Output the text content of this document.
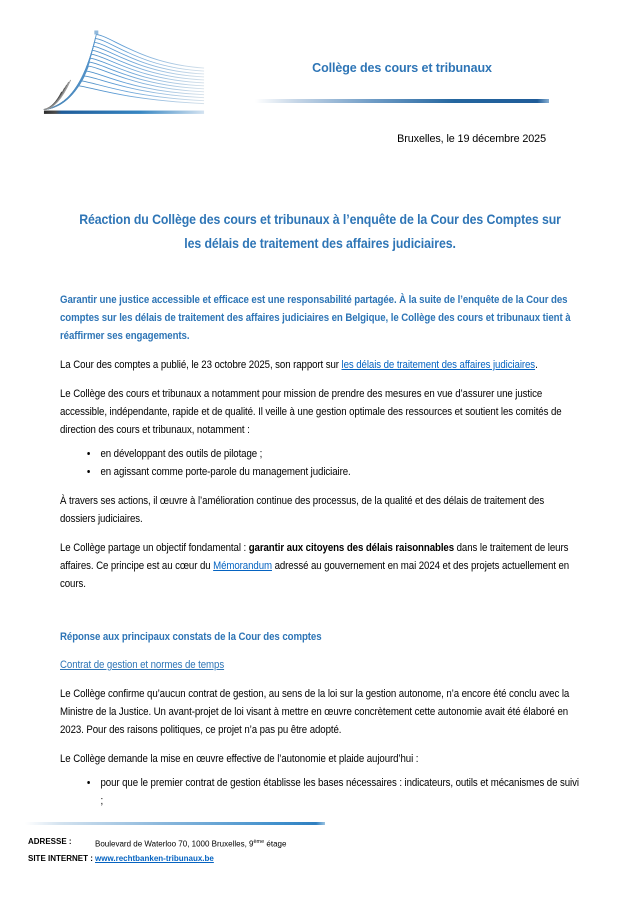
Collège des cours et tribunaux
Bruxelles, le 19 décembre 2025
Réaction du Collège des cours et tribunaux à l’enquête de la Cour des Comptes sur
les délais de traitement des affaires judiciaires.

Garantir une justice accessible et efficace est une responsabilité partagée. À la suite de l’enquête de la Cour des comptes sur les délais de traitement des affaires judiciaires en Belgique, le Collège des cours et tribunaux tient à réaffirmer ses engagements.

La Cour des comptes a publié, le 23 octobre 2025, son rapport sur les délais de traitement des affaires judiciaires.

Le Collège des cours et tribunaux a notamment pour mission de prendre des mesures en vue d’assurer une justice accessible, indépendante, rapide et de qualité. Il veille à une gestion optimale des ressources et soutient les comités de direction des cours et tribunaux, notamment :

• en développant des outils de pilotage ;
• en agissant comme porte-parole du management judiciaire.

À travers ses actions, il œuvre à l’amélioration continue des processus, de la qualité et des délais de traitement des dossiers judiciaires.

Le Collège partage un objectif fondamental : garantir aux citoyens des délais raisonnables dans le traitement de leurs affaires. Ce principe est au cœur du Mémorandum adressé au gouvernement en mai 2024 et des projets actuellement en cours.

Réponse aux principaux constats de la Cour des comptes

Contrat de gestion et normes de temps

Le Collège confirme qu’aucun contrat de gestion, au sens de la loi sur la gestion autonome, n’a encore été conclu avec la Ministre de la Justice. Un avant-projet de loi visant à mettre en œuvre concrètement cette autonomie avait été élaboré en 2023. Pour des raisons politiques, ce projet n’a pas pu être adopté.

Le Collège demande la mise en œuvre effective de l’autonomie et plaide aujourd’hui :

• pour que le premier contrat de gestion établisse les bases nécessaires : indicateurs, outils et mécanismes de suivi ;
ADRESSE :	Boulevard de Waterloo 70, 1000 Bruxelles, 9ème étage
SITE INTERNET : www.rechtbanken-tribunaux.be
